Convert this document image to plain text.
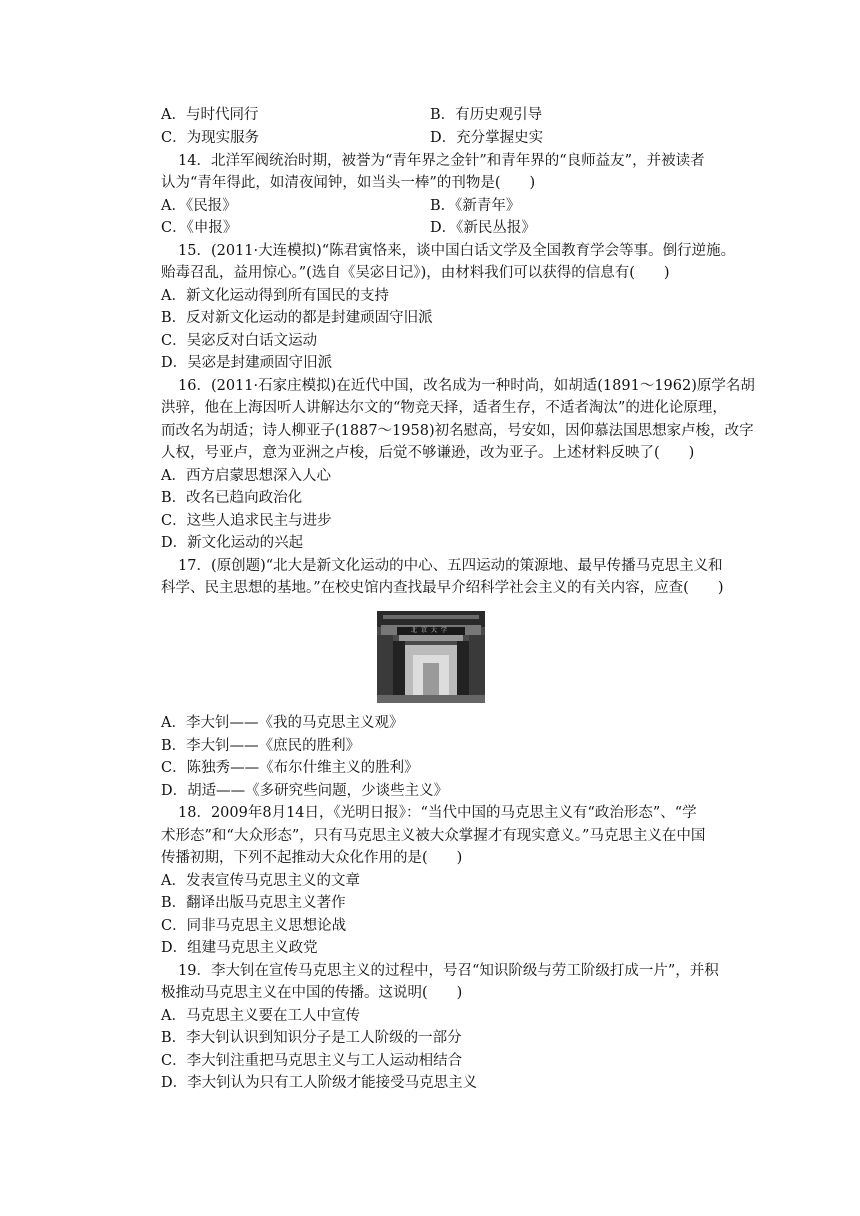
A．与时代同行	B．有历史观引导
C．为现实服务	D．充分掌握史实
14．北洋军阀统治时期，被誉为“青年界之金针”和青年界的“良师益友”，并被读者
认为“青年得此，如清夜闻钟，如当头一棒”的刊物是(　　)
A．《民报》	B．《新青年》
C．《申报》	D．《新民丛报》
15．(2011·大连模拟)“陈君寅恪来，谈中国白话文学及全国教育学会等事。倒行逆施。
贻毒召乱，益用惊心。”(选自《吴宓日记》)，由材料我们可以获得的信息有(　　)
A．新文化运动得到所有国民的支持
B．反对新文化运动的都是封建顽固守旧派
C．吴宓反对白话文运动
D．吴宓是封建顽固守旧派
16．(2011·石家庄模拟)在近代中国，改名成为一种时尚，如胡适(1891～1962)原学名胡
洪骍，他在上海因听人讲解达尔文的“物竞天择，适者生存，不适者淘汰”的进化论原理，
而改名为胡适；诗人柳亚子(1887～1958)初名慰高，号安如，因仰慕法国思想家卢梭，改字
人权，号亚卢，意为亚洲之卢梭，后觉不够谦逊，改为亚子。上述材料反映了(　　)
A．西方启蒙思想深入人心
B．改名已趋向政治化
C．这些人追求民主与进步
D．新文化运动的兴起
17．(原创题)“北大是新文化运动的中心、五四运动的策源地、最早传播马克思主义和
科学、民主思想的基地。”在校史馆内查找最早介绍科学社会主义的有关内容，应查(　　)
北京大学
A．李大钊——《我的马克思主义观》
B．李大钊——《庶民的胜利》
C．陈独秀——《布尔什维主义的胜利》
D．胡适——《多研究些问题，少谈些主义》
18．2009年8月14日，《光明日报》：“当代中国的马克思主义有“政治形态”、“学
术形态”和“大众形态”，只有马克思主义被大众掌握才有现实意义。”马克思主义在中国
传播初期，下列不起推动大众化作用的是(　　)
A．发表宣传马克思主义的文章
B．翻译出版马克思主义著作
C．同非马克思主义思想论战
D．组建马克思主义政党
19．李大钊在宣传马克思主义的过程中，号召“知识阶级与劳工阶级打成一片”，并积
极推动马克思主义在中国的传播。这说明(　　)
A．马克思主义要在工人中宣传
B．李大钊认识到知识分子是工人阶级的一部分
C．李大钊注重把马克思主义与工人运动相结合
D．李大钊认为只有工人阶级才能接受马克思主义
